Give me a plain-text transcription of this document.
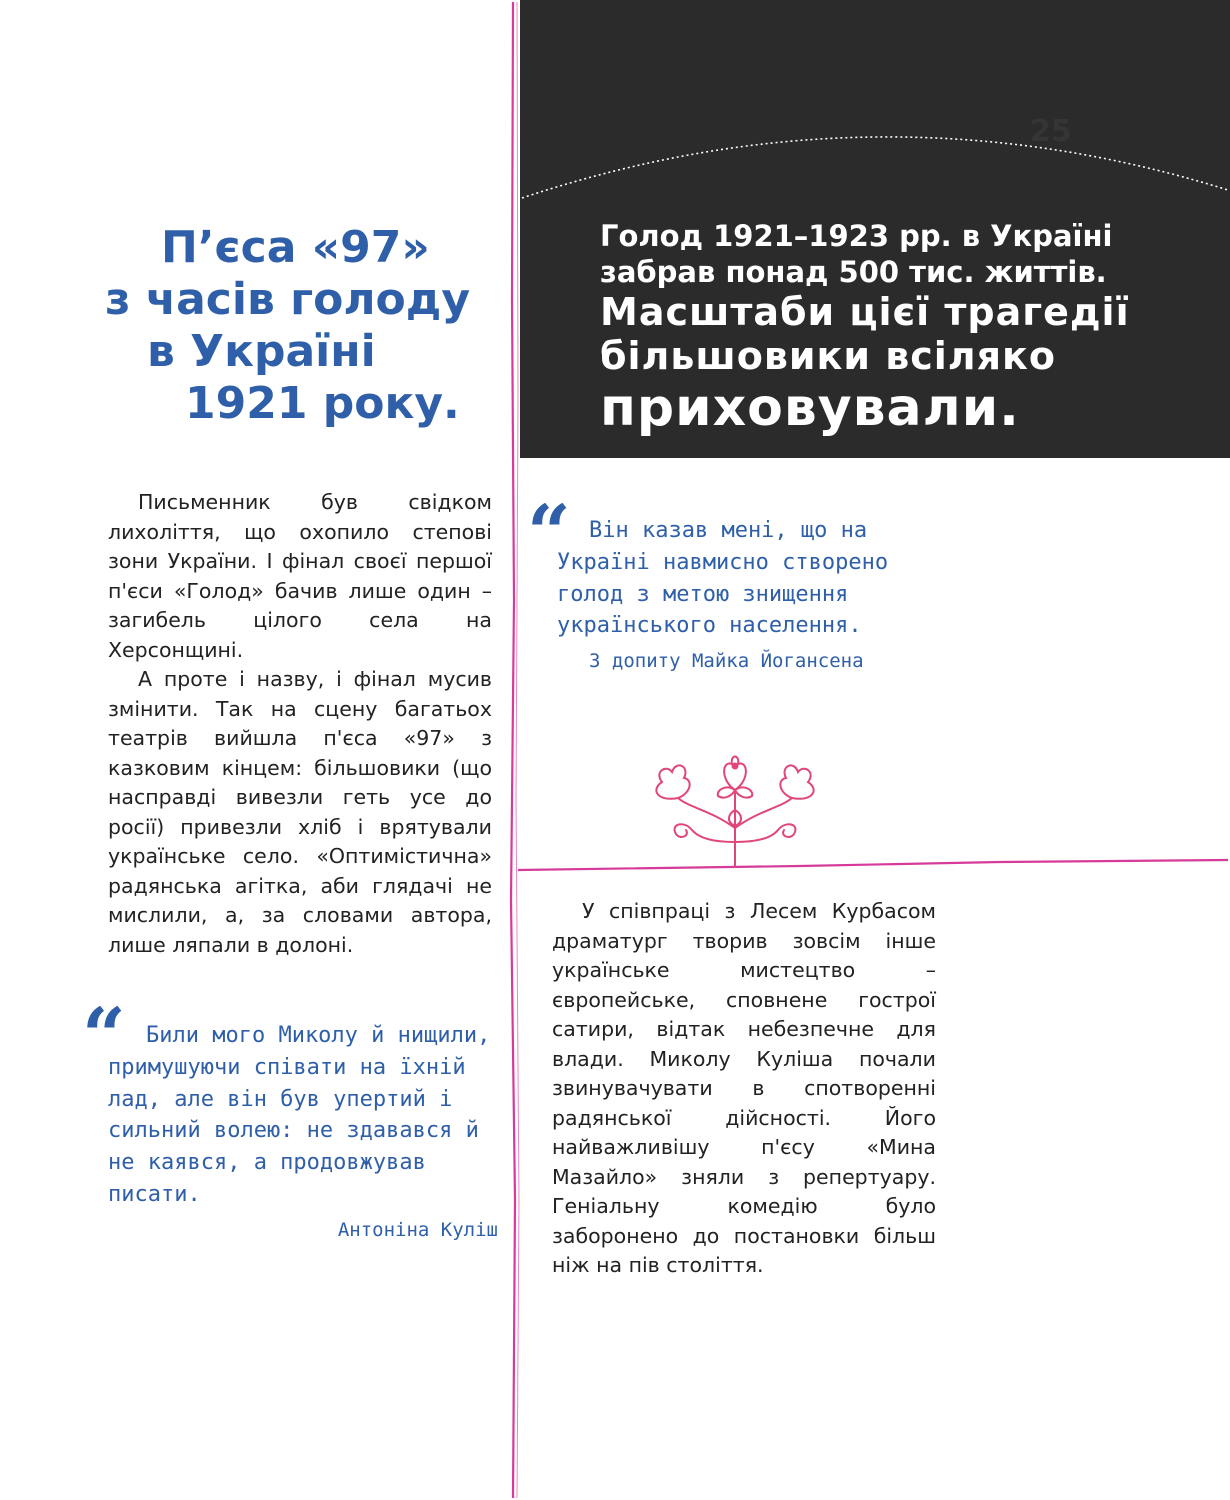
25
Голод 1921–1923 рр. в Україні
забрав понад 500 тис. життів.
Масштаби цієї трагедії
більшовики всіляко
приховували.
П’єса «97»
з часів голоду
в Україні
1921 року.

Письменник був свідком лихоліття, що охопило степові зони України. І фінал своєї першої п'єси «Голод» бачив лише один – загибель цілого села на Херсонщині.

А проте і назву, і фінал мусив змінити. Так на сцену багатьох театрів вийшла п'єса «97» з казковим кінцем: більшовики (що насправді вивезли геть усе до росії) привезли хліб і врятували українське село. «Оптимістична» радянська агітка, аби глядачі не мислили, а, за словами автора, лише ляпали в долоні.

“ Били мого Миколу й нищили, примушуючи співати на їхній лад, але він був упертий і сильний волею: не здавався й не каявся, а продовжував писати.
Антоніна Куліш
“ Він казав мені, що на Україні навмисно створено голод з метою знищення українського населення.
З допиту Майка Йогансена

У співпраці з Лесем Курбасом драматург творив зовсім інше українське мистецтво – європейське, сповнене гострої сатири, відтак небезпечне для влади. Миколу Куліша почали звинувачувати в спотворенні радянської дійсності. Його найважливішу п'єсу «Мина Мазайло» зняли з репертуару. Геніальну комедію було заборонено до постановки більш ніж на пів століття.
